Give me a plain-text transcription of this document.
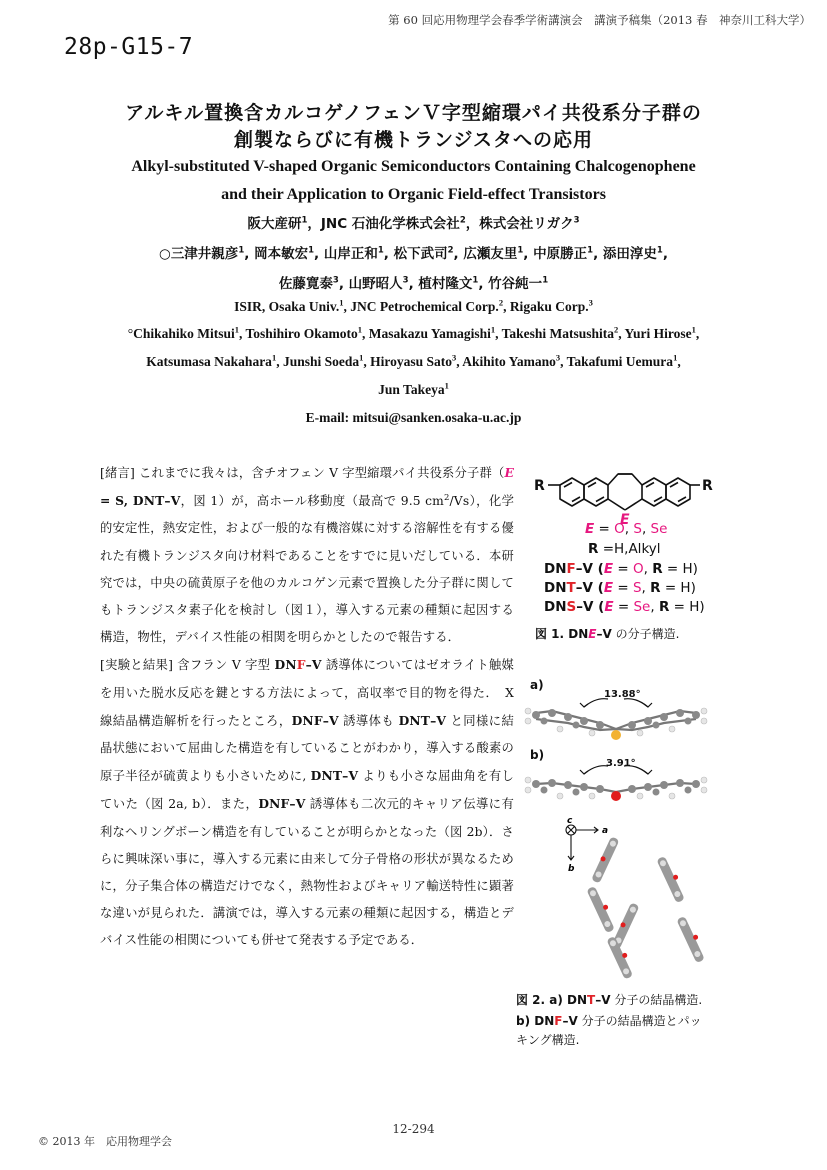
第 60 回応用物理学会春季学術講演会　講演予稿集（2013 春　神奈川工科大学）
28p-G15-7
アルキル置換含カルコゲノフェンＶ字型縮環パイ共役系分子群の
創製ならびに有機トランジスタへの応用
Alkyl-substituted V-shaped Organic Semiconductors Containing Chalcogenophene
and their Application to Organic Field-effect Transistors
阪大産研$^1$，JNC 石油化学株式会社$^2$，株式会社リガク$^3$
○三津井親彦$^1$, 岡本敏宏$^1$, 山岸正和$^1$, 松下武司$^2$, 広瀬友里$^1$, 中原勝正$^1$, 添田淳史$^1$,
佐藤寛泰$^3$, 山野昭人$^3$, 植村隆文$^1$, 竹谷純一$^1$
ISIR, Osaka Univ.$^1$, JNC Petrochemical Corp.$^2$, Rigaku Corp.$^3$
°Chikahiko Mitsui$^1$, Toshihiro Okamoto$^1$, Masakazu Yamagishi$^1$, Takeshi Matsushita$^2$, Yuri Hirose$^1$,
Katsumasa Nakahara$^1$, Junshi Soeda$^1$, Hiroyasu Sato$^3$, Akihito Yamano$^3$, Takafumi Uemura$^1$,
Jun Takeya$^1$
E-mail: mitsui@sanken.osaka-u.ac.jp

[緒言] これまでに我々は，含チオフェン V 字型縮環パイ共役系分子群（E = S, DNT–V，図 1）が，高ホール移動度（最高で 9.5 $cm^2/Vs$），化学的安定性，熱安定性，および一般的な有機溶媒に対する溶解性を有する優れた有機トランジスタ向け材料であることをすでに見いだしている．本研究では，中央の硫黄原子を他のカルコゲン元素で置換した分子群に関してもトランジスタ素子化を検討し（図１），導入する元素の種類に起因する構造，物性，デバイス性能の相関を明らかとしたので報告する．

[実験と結果] 含フラン V 字型 DNF–V 誘導体についてはゼオライト触媒を用いた脱水反応を鍵とする方法によって，高収率で目的物を得た．　X 線結晶構造解析を行ったところ，DNF–V 誘導体も DNT–V と同様に結晶状態において屈曲した構造を有していることがわかり，導入する酸素の原子半径が硫黄よりも小さいために, DNT–V よりも小さな屈曲角を有していた（図 2a, b）．また，DNF–V 誘導体も二次元的キャリア伝導に有利なヘリングボーン構造を有していることが明らかとなった（図 2b）．さらに興味深い事に，導入する元素に由来して分子骨格の形状が異なるために，分子集合体の構造だけでなく，熱物性およびキャリア輸送特性に顕著な違いが見られた．講演では，導入する元素の種類に起因する，構造とデバイス性能の相関についても併せて発表する予定である．

R	R
E
E = O, S, Se
R =H,Alkyl
DNF–V (E = O, R = H)
DNT–V (E = S, R = H)
DNS–V (E = Se, R = H)
図 1. DNE–V の分子構造.
a)
b)
13.88°
3.91°
c
a
b
図 2. a) DNT–V 分子の結晶構造.
b) DNF–V 分子の結晶構造とパッ
キング構造.
12-294
© 2013 年　応用物理学会
